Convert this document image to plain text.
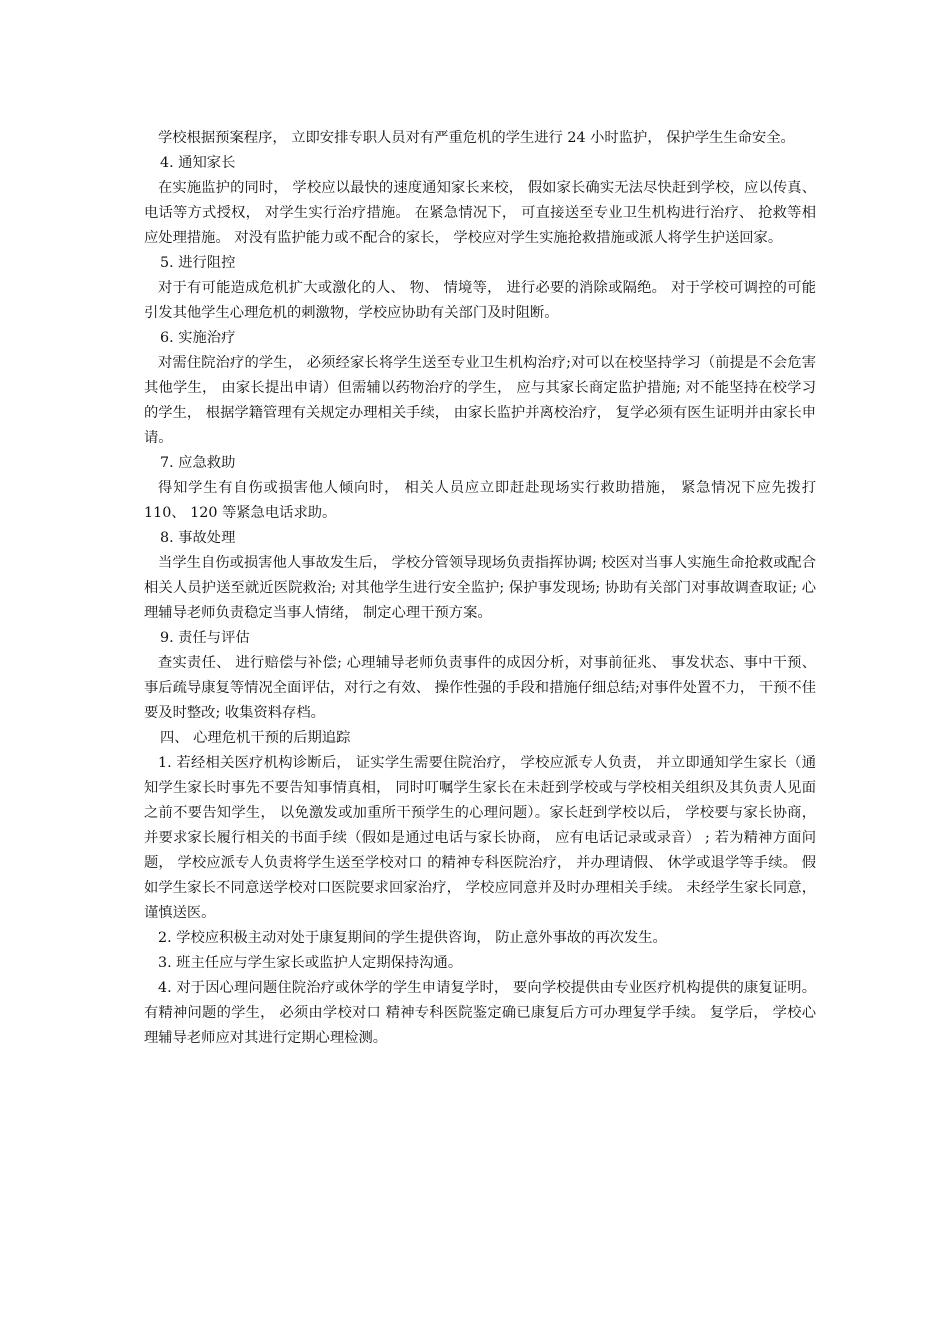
学校根据预案程序， 立即安排专职人员对有严重危机的学生进行 24 小时监护， 保护学生生命安全。

4. 通知家长

在实施监护的同时， 学校应以最快的速度通知家长来校， 假如家长确实无法尽快赶到学校，应以传真、 电话等方式授权， 对学生实行治疗措施。 在紧急情况下， 可直接送至专业卫生机构进行治疗、 抢救等相应处理措施。 对没有监护能力或不配合的家长， 学校应对学生实施抢救措施或派人将学生护送回家。

5. 进行阻控

对于有可能造成危机扩大或激化的人、 物、 情境等， 进行必要的消除或隔绝。 对于学校可调控的可能引发其他学生心理危机的刺激物，学校应协助有关部门及时阻断。

6. 实施治疗

对需住院治疗的学生， 必须经家长将学生送至专业卫生机构治疗;对可以在校坚持学习（前提是不会危害其他学生， 由家长提出申请）但需辅以药物治疗的学生， 应与其家长商定监护措施; 对不能坚持在校学习的学生， 根据学籍管理有关规定办理相关手续， 由家长监护并离校治疗， 复学必须有医生证明并由家长申 请。

7. 应急救助

得知学生有自伤或损害他人倾向时， 相关人员应立即赶赴现场实行救助措施， 紧急情况下应先拨打 110、 120 等紧急电话求助。

8. 事故处理

当学生自伤或损害他人事故发生后， 学校分管领导现场负责指挥协调; 校医对当事人实施生命抢救或配合相关人员护送至就近医院救治; 对其他学生进行安全监护; 保护事发现场; 协助有关部门对事故调查取证; 心理辅导老师负责稳定当事人情绪， 制定心理干预方案。

9. 责任与评估

查实责任、 进行赔偿与补偿; 心理辅导老师负责事件的成因分析，对事前征兆、 事发状态、事中干预、 事后疏导康复等情况全面评估，对行之有效、 操作性强的手段和措施仔细总结;对事件处置不力， 干预不佳要及时整改; 收集资料存档。

四、 心理危机干预的后期追踪

1. 若经相关医疗机构诊断后， 证实学生需要住院治疗， 学校应派专人负责， 并立即通知学生家长（通知学生家长时事先不要告知事情真相， 同时叮嘱学生家长在未赶到学校或与学校相关组织及其负责人见面之前不要告知学生， 以免激发或加重所干预学生的心理问题）。家长赶到学校以后， 学校要与家长协商， 并要求家长履行相关的书面手续（假如是通过电话与家长协商， 应有电话记录或录音） ; 若为精神方面问题， 学校应派专人负责将学生送至学校对口 的精神专科医院治疗， 并办理请假、 休学或退学等手续。 假如学生家长不同意送学校对口医院要求回家治疗， 学校应同意并及时办理相关手续。 未经学生家长同意， 谨慎送医。

2. 学校应积极主动对处于康复期间的学生提供咨询， 防止意外事故的再次发生。

3. 班主任应与学生家长或监护人定期保持沟通。

4. 对于因心理问题住院治疗或休学的学生申请复学时， 要向学校提供由专业医疗机构提供的康复证明。 有精神问题的学生， 必须由学校对口 精神专科医院鉴定确已康复后方可办理复学手续。 复学后， 学校心理辅导老师应对其进行定期心理检测。
